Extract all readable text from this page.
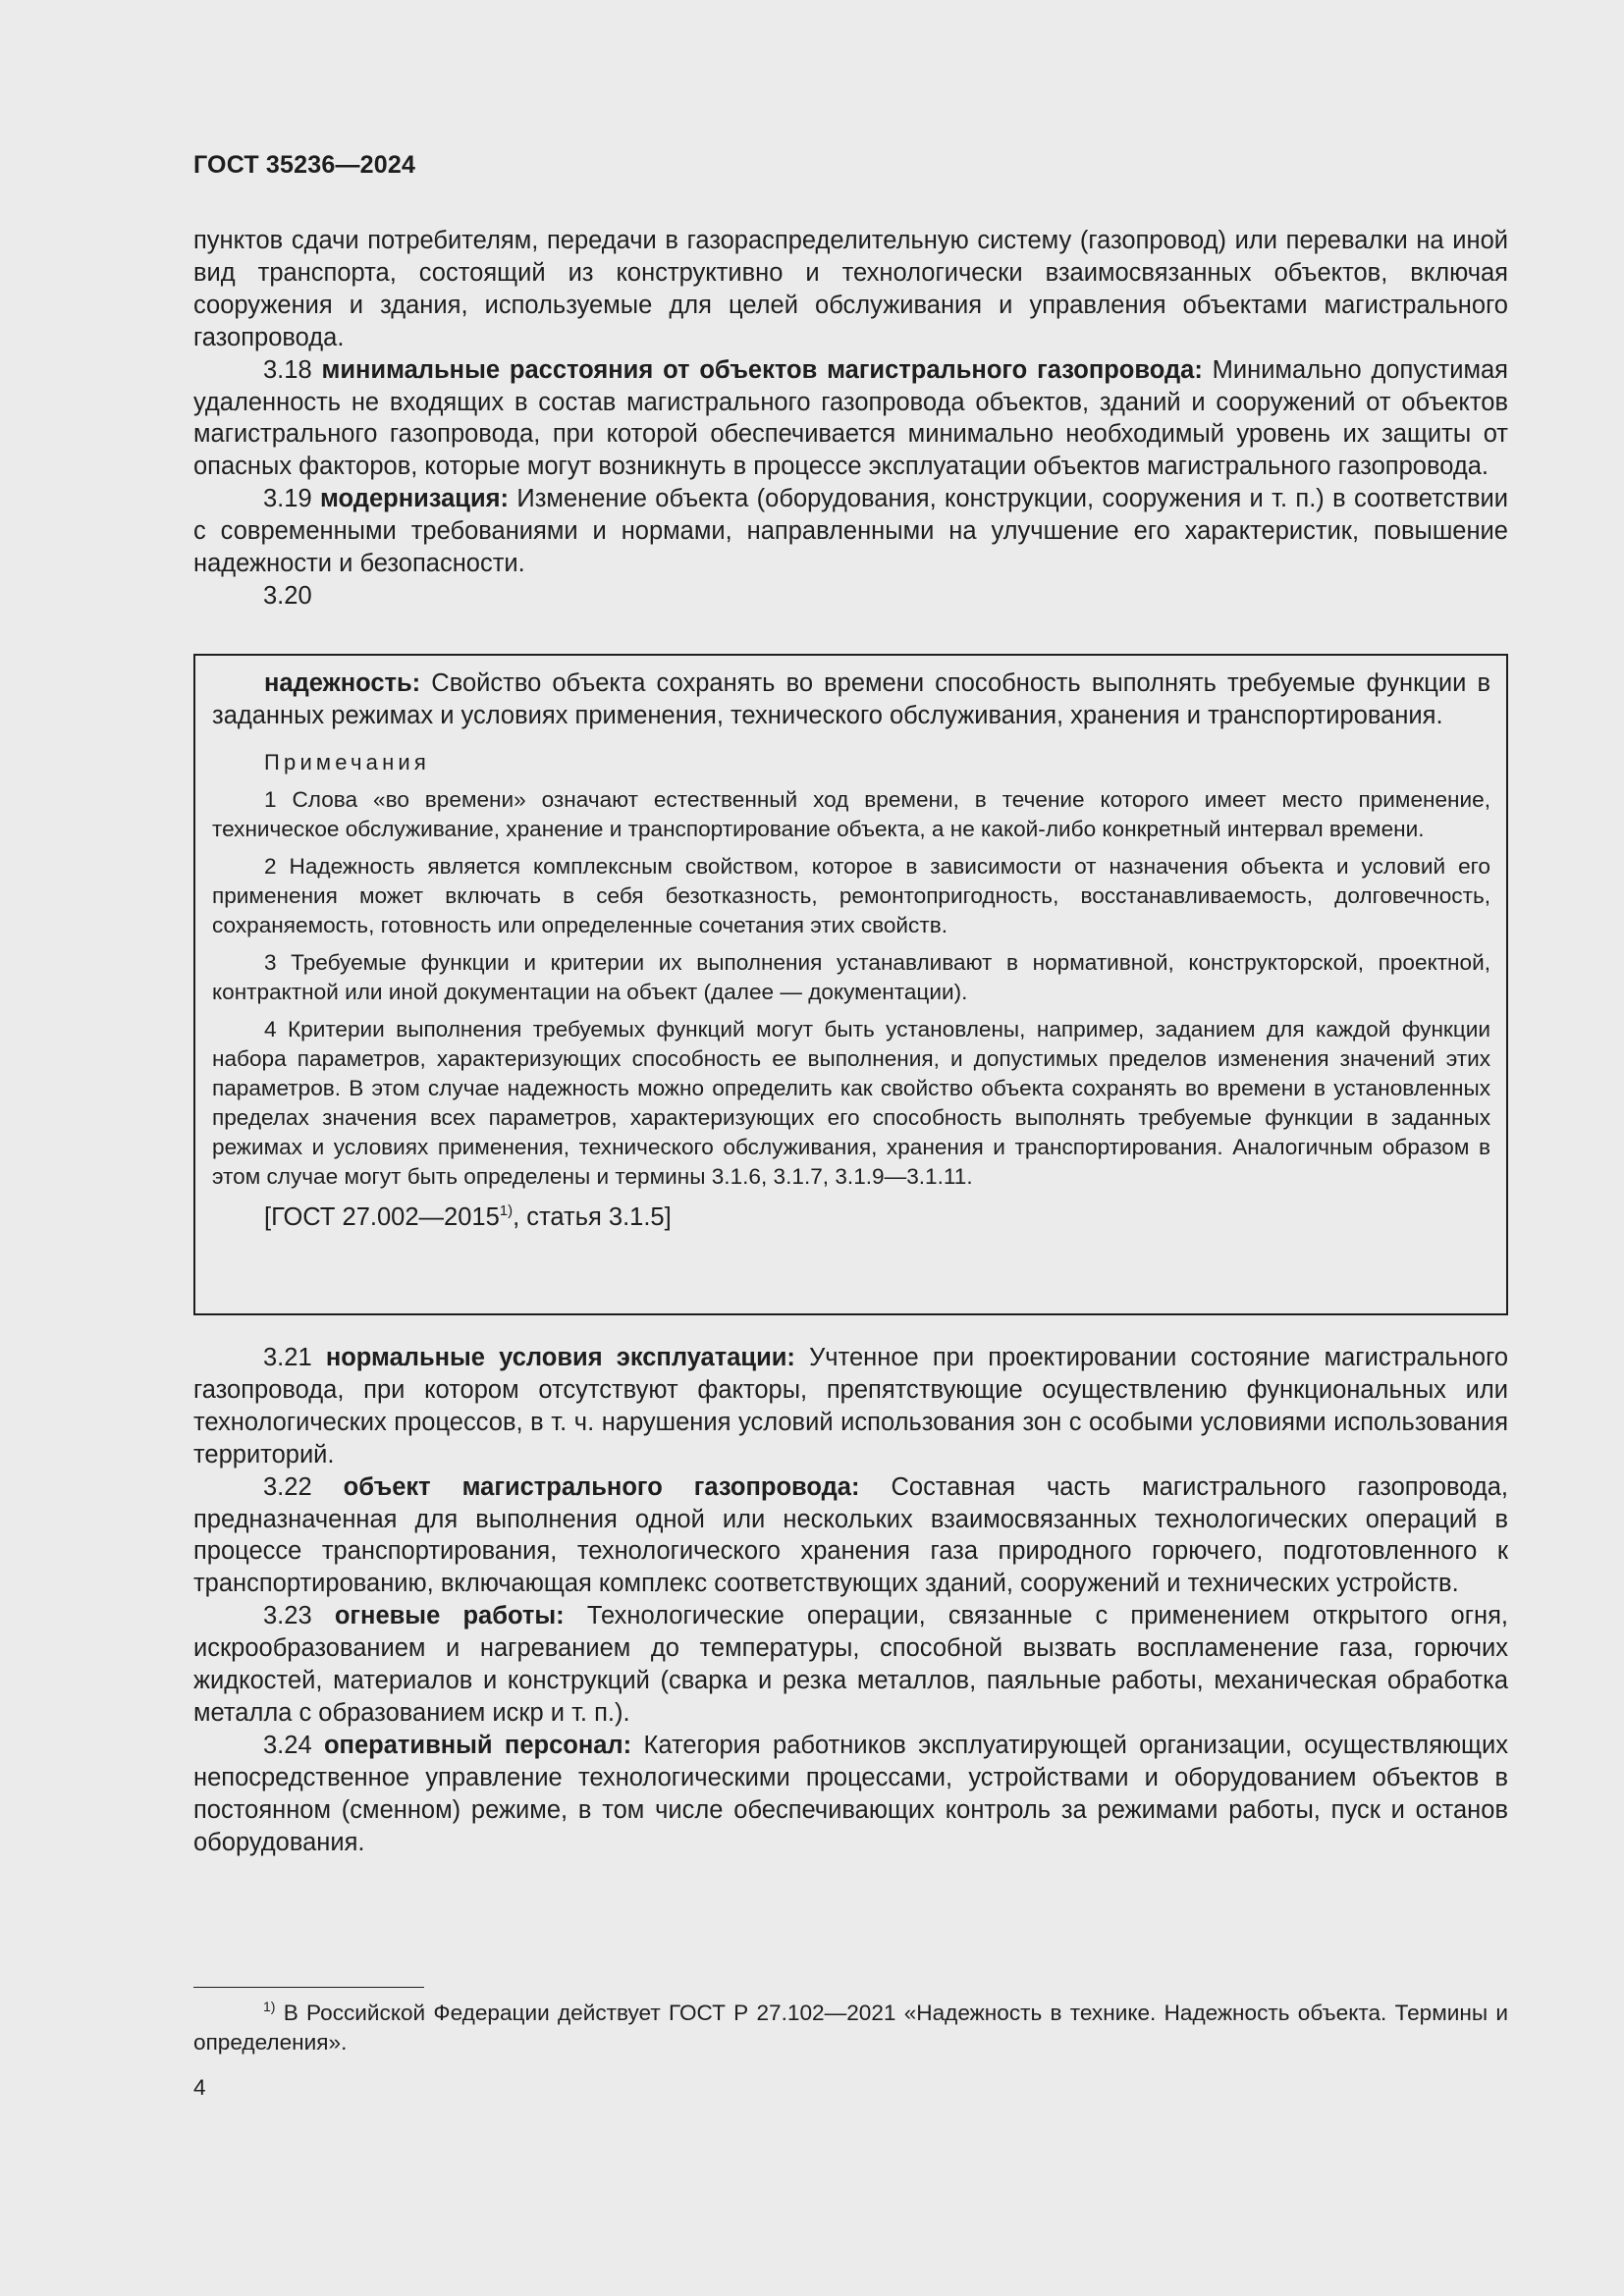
ГОСТ 35236—2024

пунктов сдачи потребителям, передачи в газораспределительную систему (газопровод) или перевалки на иной вид транспорта, состоящий из конструктивно и технологически взаимосвязанных объектов, включая сооружения и здания, используемые для целей обслуживания и управления объектами магистрального газопровода.

3.18 минимальные расстояния от объектов магистрального газопровода: Минимально допустимая удаленность не входящих в состав магистрального газопровода объектов, зданий и сооружений от объектов магистрального газопровода, при которой обеспечивается минимально необходимый уровень их защиты от опасных факторов, которые могут возникнуть в процессе эксплуатации объектов магистрального газопровода.

3.19 модернизация: Изменение объекта (оборудования, конструкции, сооружения и т. п.) в соответствии с современными требованиями и нормами, направленными на улучшение его характеристик, повышение надежности и безопасности.

3.20

надежность: Свойство объекта сохранять во времени способность выполнять требуемые функции в заданных режимах и условиях применения, технического обслуживания, хранения и транспортирования.

Примечания

1 Слова «во времени» означают естественный ход времени, в течение которого имеет место применение, техническое обслуживание, хранение и транспортирование объекта, а не какой-либо конкретный интервал времени.

2 Надежность является комплексным свойством, которое в зависимости от назначения объекта и условий его применения может включать в себя безотказность, ремонтопригодность, восстанавливаемость, долговечность, сохраняемость, готовность или определенные сочетания этих свойств.

3 Требуемые функции и критерии их выполнения устанавливают в нормативной, конструкторской, проектной, контрактной или иной документации на объект (далее — документации).

4 Критерии выполнения требуемых функций могут быть установлены, например, заданием для каждой функции набора параметров, характеризующих способность ее выполнения, и допустимых пределов изменения значений этих параметров. В этом случае надежность можно определить как свойство объекта сохранять во времени в установленных пределах значения всех параметров, характеризующих его способность выполнять требуемые функции в заданных режимах и условиях применения, технического обслуживания, хранения и транспортирования. Аналогичным образом в этом случае могут быть определены и термины 3.1.6, 3.1.7, 3.1.9—3.1.11.

[ГОСТ 27.002—2015$^{1)}$, статья 3.1.5]

3.21 нормальные условия эксплуатации: Учтенное при проектировании состояние магистрального газопровода, при котором отсутствуют факторы, препятствующие осуществлению функциональных или технологических процессов, в т. ч. нарушения условий использования зон с особыми условиями использования территорий.

3.22 объект магистрального газопровода: Составная часть магистрального газопровода, предназначенная для выполнения одной или нескольких взаимосвязанных технологических операций в процессе транспортирования, технологического хранения газа природного горючего, подготовленного к транспортированию, включающая комплекс соответствующих зданий, сооружений и технических устройств.

3.23 огневые работы: Технологические операции, связанные с применением открытого огня, искрообразованием и нагреванием до температуры, способной вызвать воспламенение газа, горючих жидкостей, материалов и конструкций (сварка и резка металлов, паяльные работы, механическая обработка металла с образованием искр и т. п.).

3.24 оперативный персонал: Категория работников эксплуатирующей организации, осуществляющих непосредственное управление технологическими процессами, устройствами и оборудованием объектов в постоянном (сменном) режиме, в том числе обеспечивающих контроль за режимами работы, пуск и останов оборудования.

$^{1)}$ В Российской Федерации действует ГОСТ Р 27.102—2021 «Надежность в технике. Надежность объекта. Термины и определения».

4
